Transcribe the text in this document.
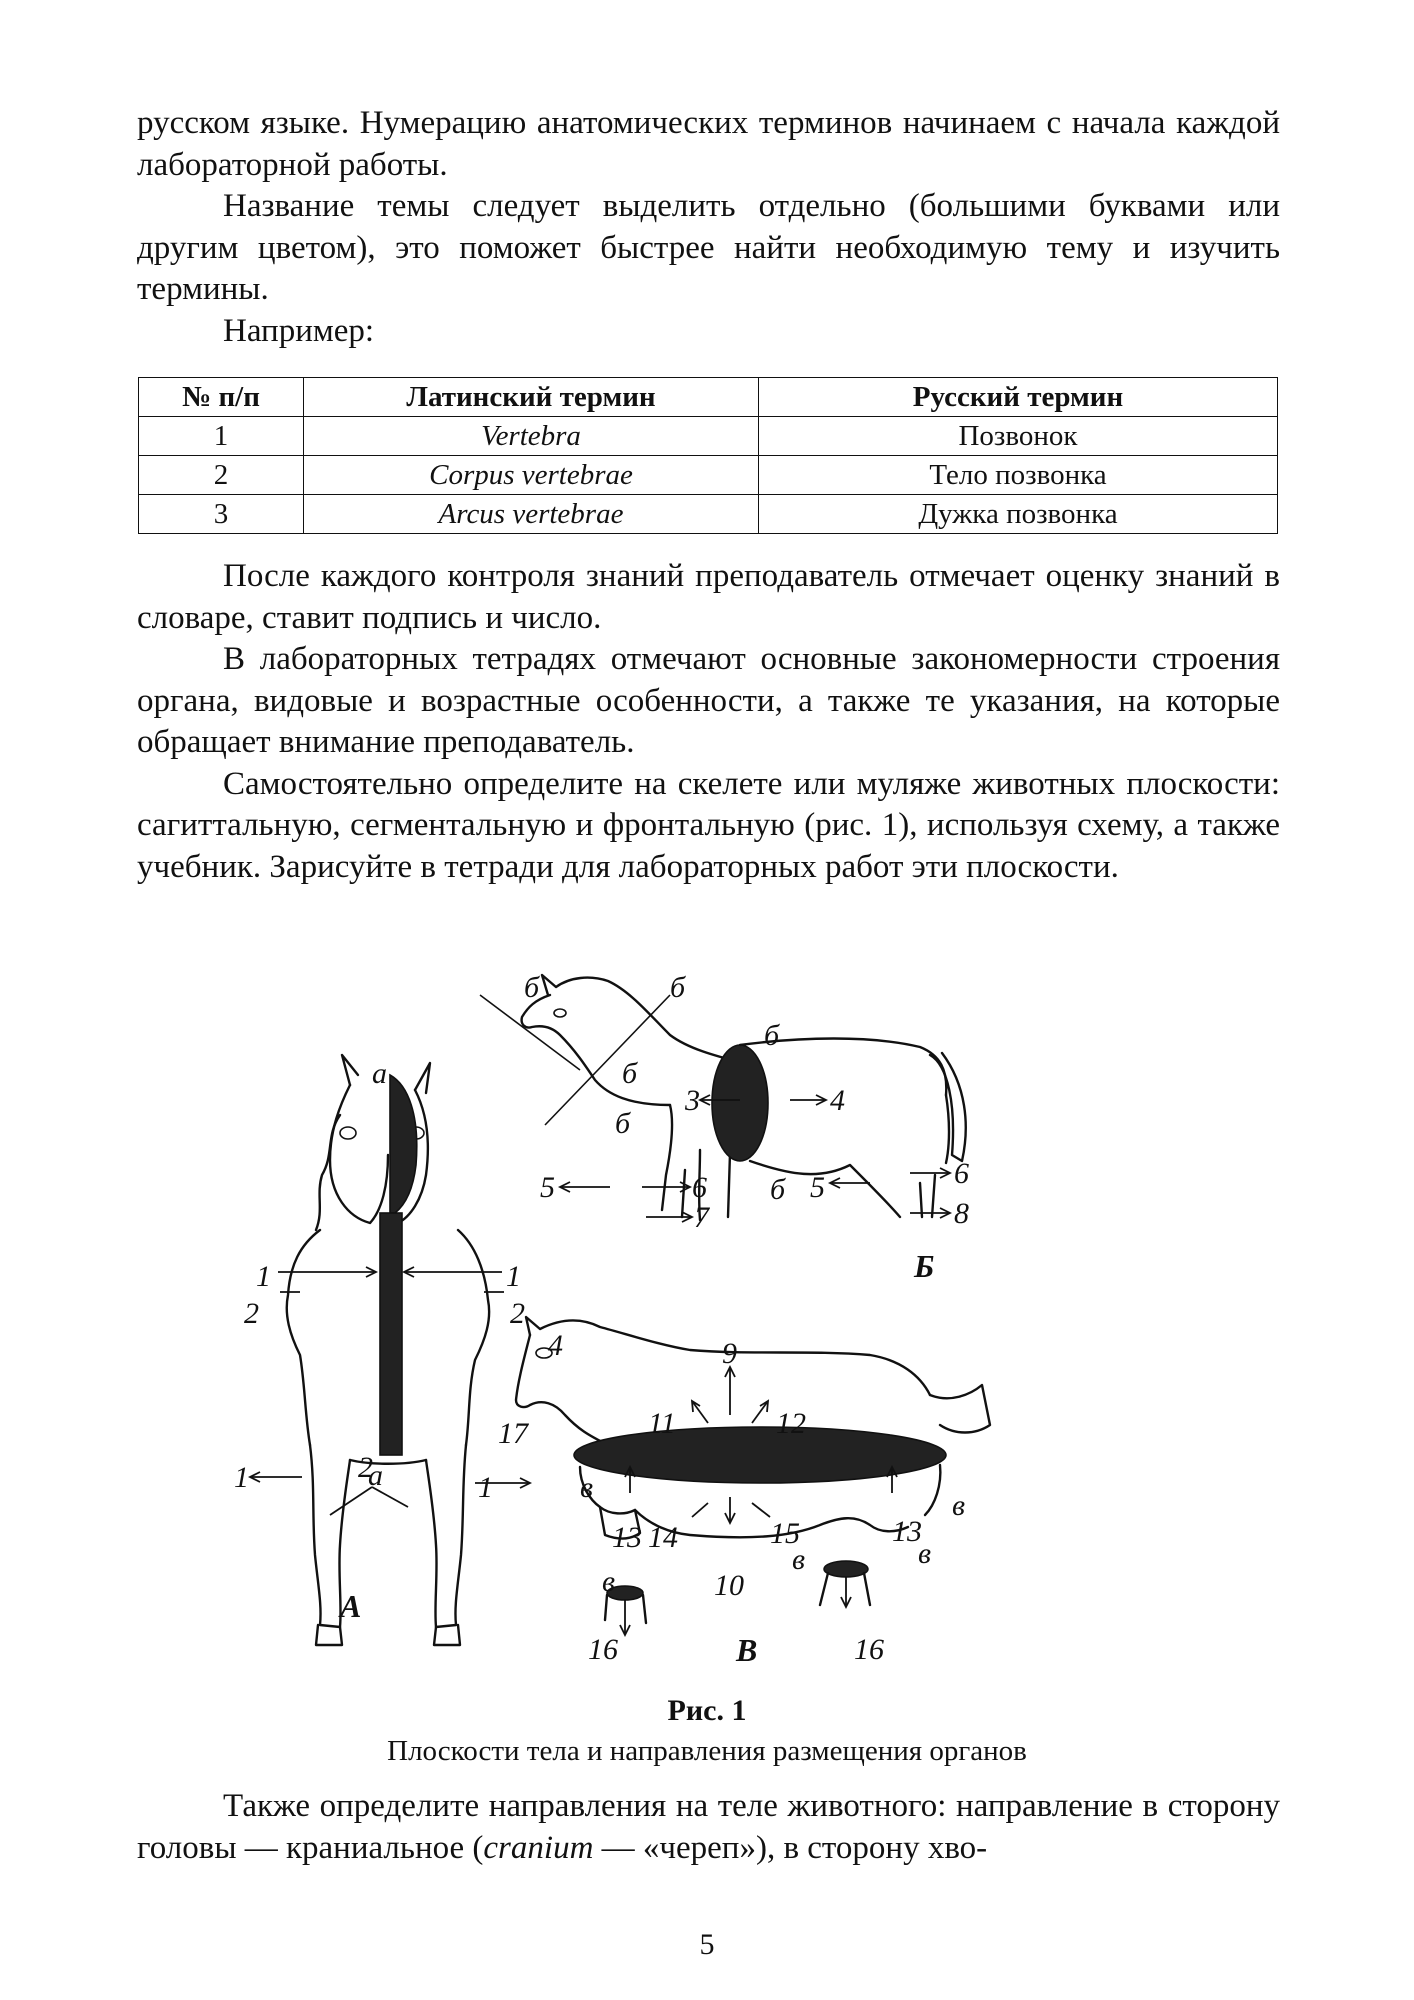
русском языке. Нумерацию анатомических терминов начинаем с начала каждой лабораторной работы.

Название темы следует выделить отдельно (большими буквами или другим цветом), это поможет быстрее найти необходимую тему и изучить термины.

Например:

№ п/п	Латинский термин	Русский термин
1	Vertebra	Позвонок
2	Corpus vertebrae	Тело позвонка
3	Arcus vertebrae	Дужка позвонка

После каждого контроля знаний преподаватель отмечает оценку знаний в словаре, ставит подпись и число.

В лабораторных тетрадях отмечают основные закономерности строения органа, видовые и возрастные особенности, а также те указания, на которые обращает внимание преподаватель.

Самостоятельно определите на скелете или муляже животных плоскости: сагиттальную, сегментальную и фронтальную (рис. 1), используя схему, а также учебник. Зарисуйте в тетради для лабораторных работ эти плоскости.

а
а
1
2
1
2
1	2
1
А
б	б
б
б
б
б
3	4
5	5
6	6
7	8
Б
4
17
9
11	12
в
в
13 14	15	13
в
в	10
в
16	16
В
Рис. 1
Плоскости тела и направления размещения органов

Также определите направления на теле животного: направление в сторону головы — краниальное (cranium — «череп»), в сторону хво-

5
